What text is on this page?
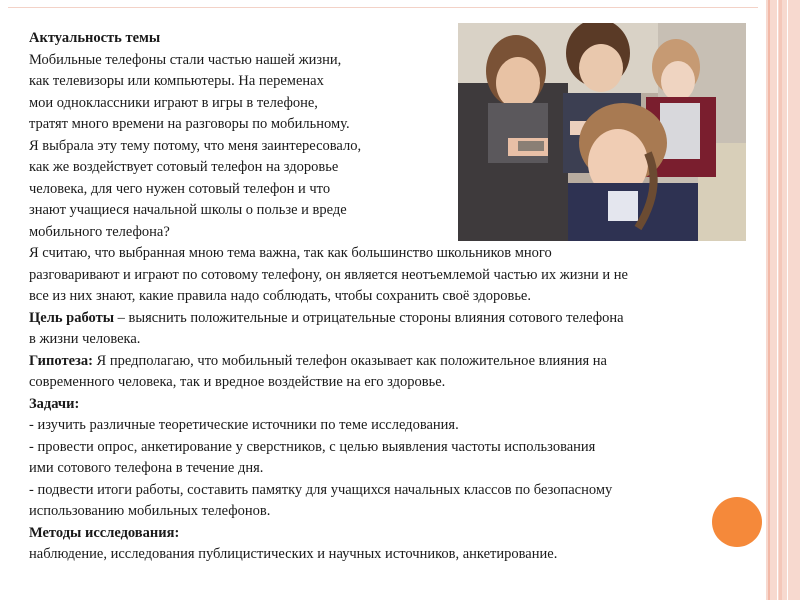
Актуальность темы
Мобильные телефоны стали частью нашей жизни,
как телевизоры или компьютеры. На переменах
мои одноклассники играют в игры в телефоне,
тратят много времени на разговоры по мобильному.
Я выбрала эту тему потому, что меня заинтересовало,
как же воздействует сотовый телефон на здоровье
человека, для чего нужен сотовый телефон и что
знают учащиеся начальной школы о пользе и вреде
мобильного телефона?
Я считаю, что выбранная мною тема важна, так как большинство школьников много
разговаривают и играют по сотовому телефону, он является неотъемлемой частью их жизни и не
все из них знают, какие правила надо соблюдать, чтобы сохранить своё здоровье.
Цель работы – выяснить положительные и отрицательные стороны влияния сотового телефона
в жизни человека.
Гипотеза: Я предполагаю, что мобильный телефон оказывает как положительное влияния на
современного человека, так и вредное воздействие на его здоровье.
Задачи:
- изучить различные теоретические источники по теме исследования.
- провести опрос, анкетирование у сверстников, с целью выявления частоты использования
ими сотового телефона в течение дня.
- подвести итоги работы, составить памятку для учащихся начальных классов по безопасному
использованию мобильных телефонов.
Методы исследования:
наблюдение, исследования публицистических и научных источников, анкетирование.
